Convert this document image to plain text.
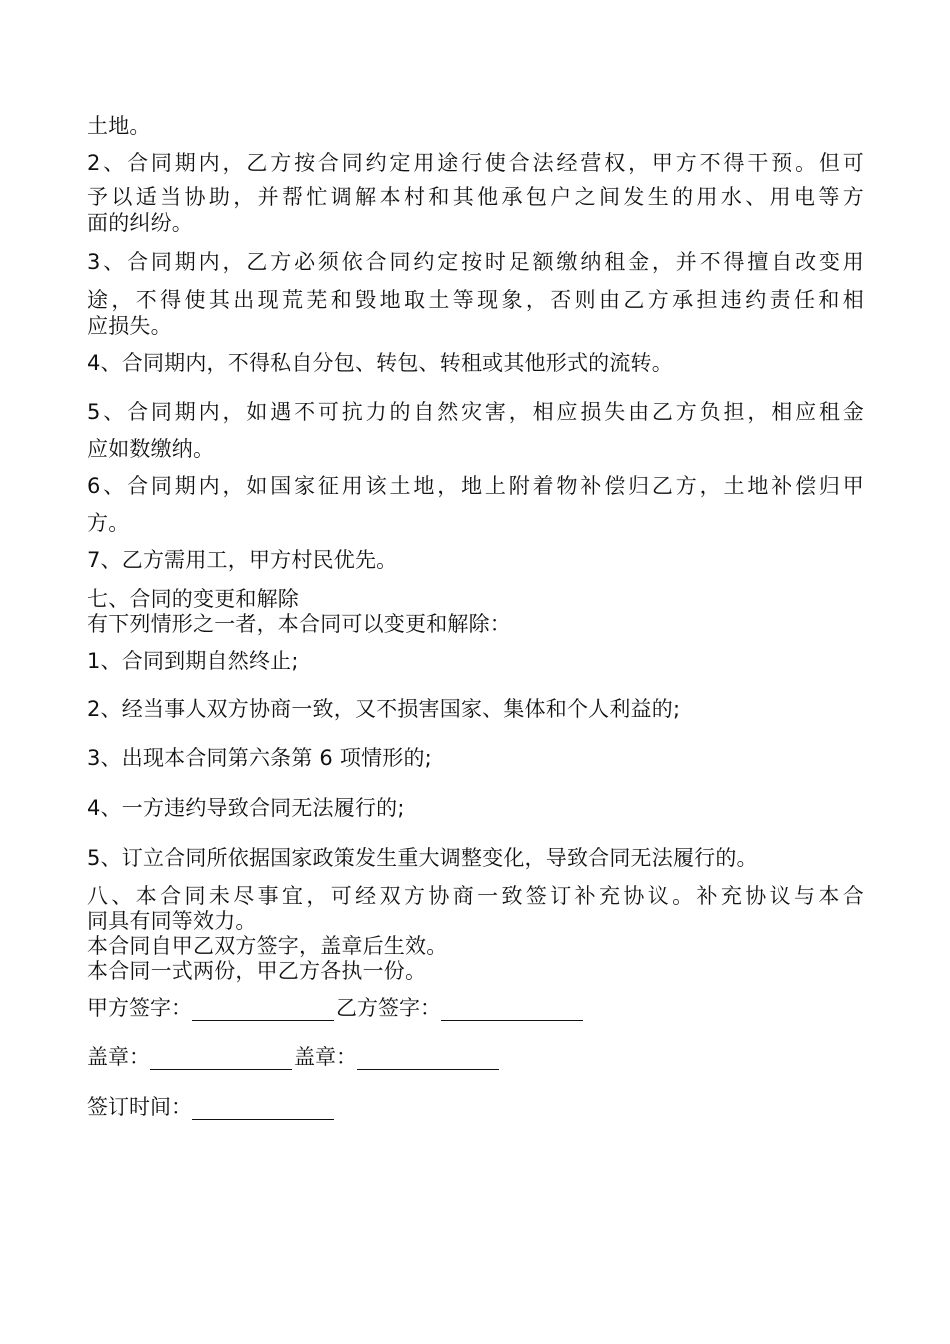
土地。
2、合同期内，乙方按合同约定用途行使合法经营权，甲方不得干预。但可
予以适当协助，并帮忙调解本村和其他承包户之间发生的用水、用电等方
面的纠纷。
3、合同期内，乙方必须依合同约定按时足额缴纳租金，并不得擅自改变用
途，不得使其出现荒芜和毁地取土等现象，否则由乙方承担违约责任和相
应损失。
4、合同期内，不得私自分包、转包、转租或其他形式的流转。
5、合同期内，如遇不可抗力的自然灾害，相应损失由乙方负担，相应租金
应如数缴纳。
6、合同期内，如国家征用该土地，地上附着物补偿归乙方，土地补偿归甲
方。
7、乙方需用工，甲方村民优先。
七、合同的变更和解除
有下列情形之一者，本合同可以变更和解除：
1、合同到期自然终止;
2、经当事人双方协商一致，又不损害国家、集体和个人利益的;
3、出现本合同第六条第 6 项情形的;
4、一方违约导致合同无法履行的;
5、订立合同所依据国家政策发生重大调整变化，导致合同无法履行的。
八、本合同未尽事宜，可经双方协商一致签订补充协议。补充协议与本合
同具有同等效力。
本合同自甲乙双方签字，盖章后生效。
本合同一式两份，甲乙方各执一份。
甲方签字：	乙方签字：
盖章：	盖章：
签订时间：
